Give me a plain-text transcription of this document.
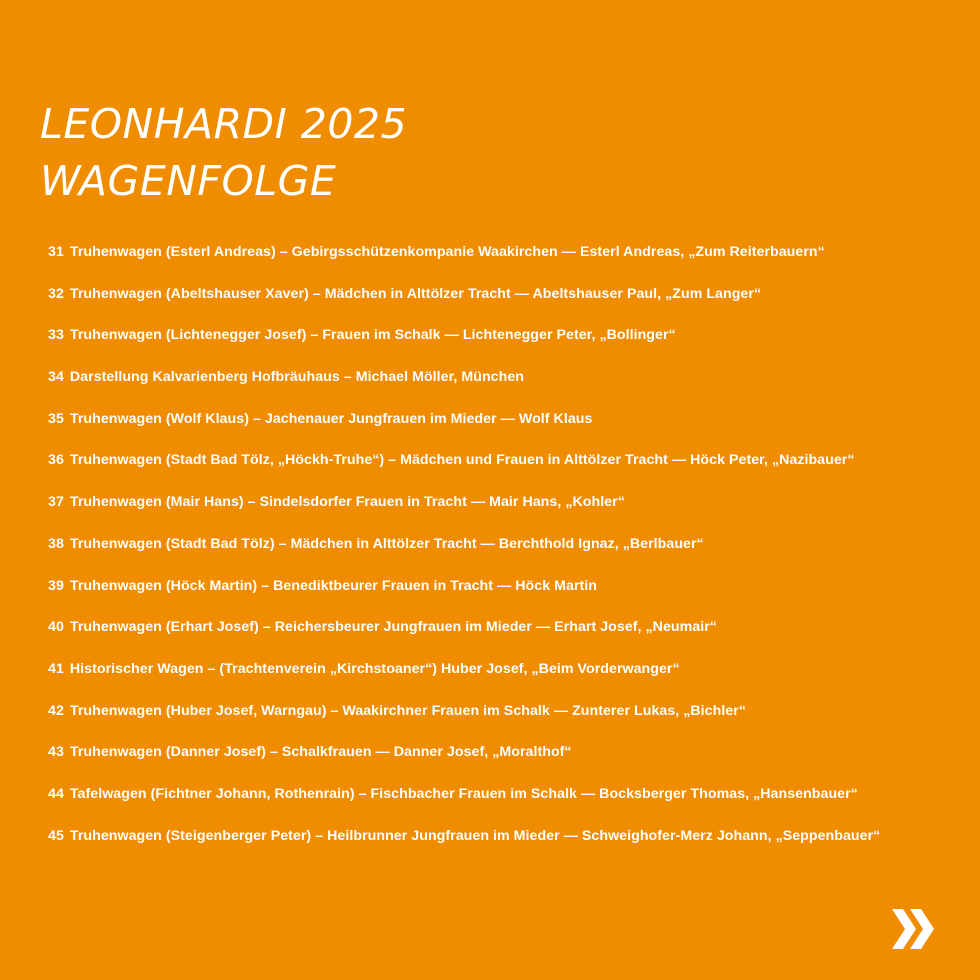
LEONHARDI 2025
WAGENFOLGE
31 Truhenwagen (Esterl Andreas) – Gebirgsschützenkompanie Waakirchen — Esterl Andreas, „Zum Reiterbauern“
32 Truhenwagen (Abeltshauser Xaver) – Mädchen in Alttölzer Tracht — Abeltshauser Paul, „Zum Langer“
33 Truhenwagen (Lichtenegger Josef) – Frauen im Schalk — Lichtenegger Peter, „Bollinger“
34 Darstellung Kalvarienberg Hofbräuhaus – Michael Möller, München
35 Truhenwagen (Wolf Klaus) – Jachenauer Jungfrauen im Mieder — Wolf Klaus
36 Truhenwagen (Stadt Bad Tölz, „Höckh-Truhe“) – Mädchen und Frauen in Alttölzer Tracht — Höck Peter, „Nazibauer“
37 Truhenwagen (Mair Hans) – Sindelsdorfer Frauen in Tracht — Mair Hans, „Kohler“
38 Truhenwagen (Stadt Bad Tölz) – Mädchen in Alttölzer Tracht — Berchthold Ignaz, „Berlbauer“
39 Truhenwagen (Höck Martin) – Benediktbeurer Frauen in Tracht — Höck Martin
40 Truhenwagen (Erhart Josef) – Reichersbeurer Jungfrauen im Mieder — Erhart Josef, „Neumair“
41 Historischer Wagen – (Trachtenverein „Kirchstoaner“) Huber Josef, „Beim Vorderwanger“
42 Truhenwagen (Huber Josef, Warngau) – Waakirchner Frauen im Schalk — Zunterer Lukas, „Bichler“
43 Truhenwagen (Danner Josef) – Schalkfrauen — Danner Josef, „Moralthof“
44 Tafelwagen (Fichtner Johann, Rothenrain) – Fischbacher Frauen im Schalk — Bocksberger Thomas, „Hansenbauer“
45 Truhenwagen (Steigenberger Peter) – Heilbrunner Jungfrauen im Mieder — Schweighofer-Merz Johann, „Seppenbauer“
